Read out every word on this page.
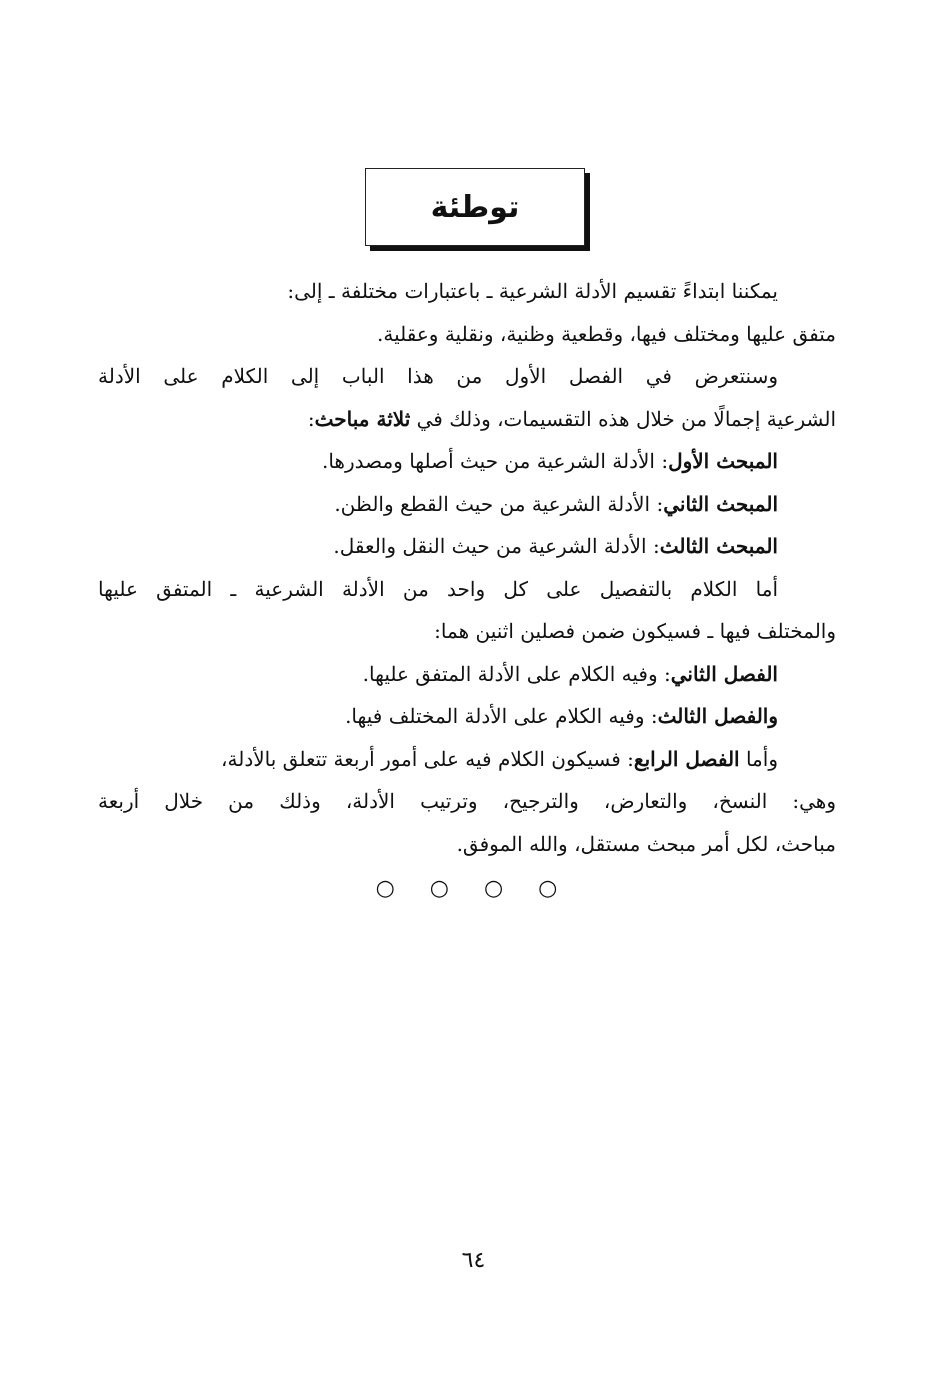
توطئة
يمكننا ابتداءً تقسيم الأدلة الشرعية ـ باعتبارات مختلفة ـ إلى:
متفق عليها ومختلف فيها، وقطعية وظنية، ونقلية وعقلية.
وسنتعرض في الفصل الأول من هذا الباب إلى الكلام على الأدلة
الشرعية إجمالًا من خلال هذه التقسيمات، وذلك في ثلاثة مباحث:
المبحث الأول: الأدلة الشرعية من حيث أصلها ومصدرها.
المبحث الثاني: الأدلة الشرعية من حيث القطع والظن.
المبحث الثالث: الأدلة الشرعية من حيث النقل والعقل.
أما الكلام بالتفصيل على كل واحد من الأدلة الشرعية ـ المتفق عليها
والمختلف فيها ـ فسيكون ضمن فصلين اثنين هما:
الفصل الثاني: وفيه الكلام على الأدلة المتفق عليها.
والفصل الثالث: وفيه الكلام على الأدلة المختلف فيها.
وأما الفصل الرابع: فسيكون الكلام فيه على أمور أربعة تتعلق بالأدلة،
وهي: النسخ، والتعارض، والترجيح، وترتيب الأدلة، وذلك من خلال أربعة
مباحث، لكل أمر مبحث مستقل، والله الموفق.
○ ○ ○ ○
٦٤
